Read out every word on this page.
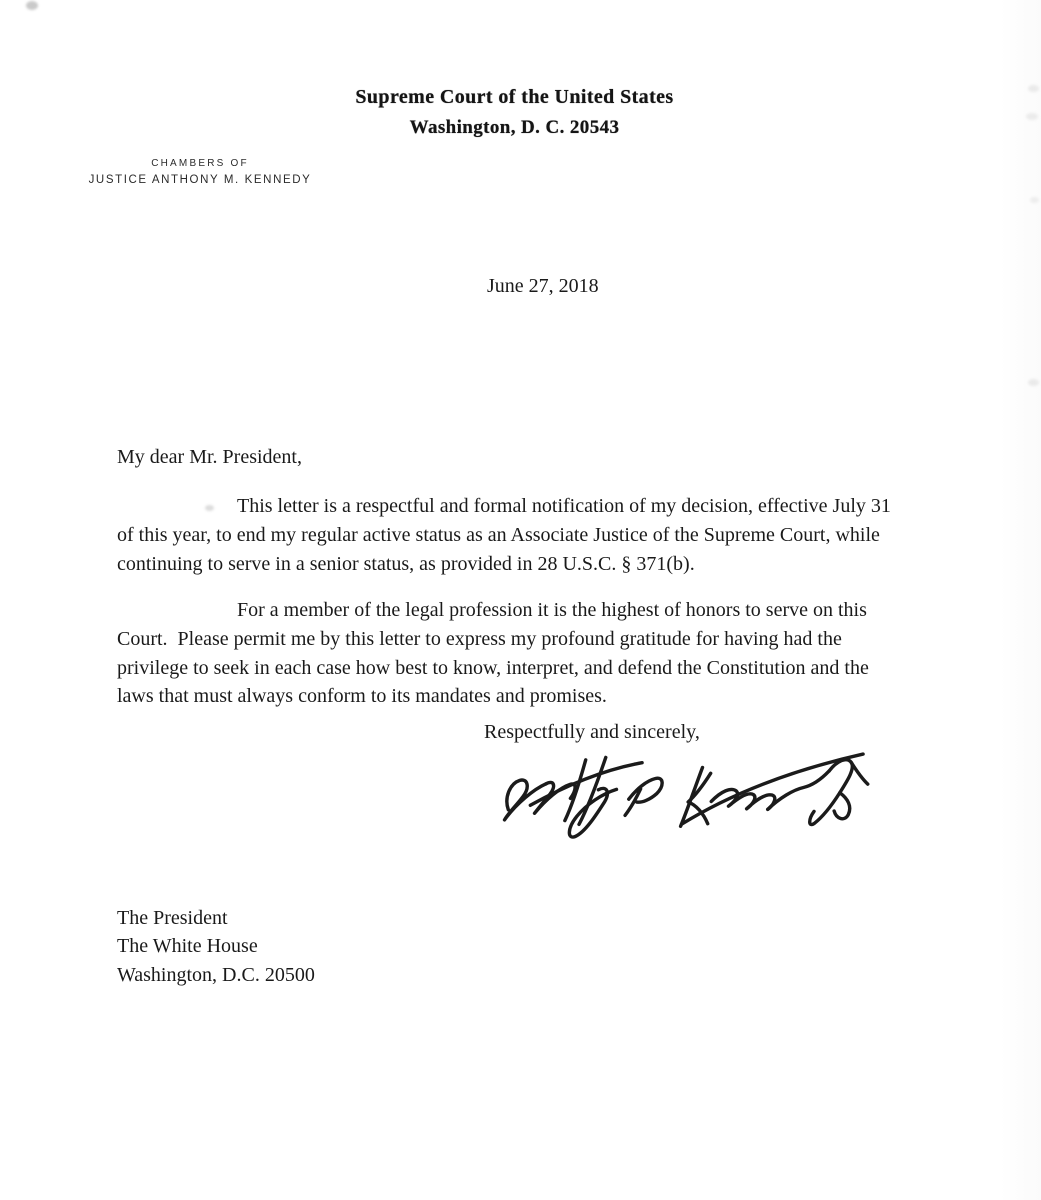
Supreme Court of the United States
Washington, D. C. 20543
CHAMBERS OF
JUSTICE ANTHONY M. KENNEDY
June 27, 2018
My dear Mr. President,
This letter is a respectful and formal notification of my decision, effective July 31
of this year, to end my regular active status as an Associate Justice of the Supreme Court, while
continuing to serve in a senior status, as provided in 28 U.S.C. § 371(b).
For a member of the legal profession it is the highest of honors to serve on this
Court.  Please permit me by this letter to express my profound gratitude for having had the
privilege to seek in each case how best to know, interpret, and defend the Constitution and the
laws that must always conform to its mandates and promises.
Respectfully and sincerely,
The President
The White House
Washington, D.C. 20500
